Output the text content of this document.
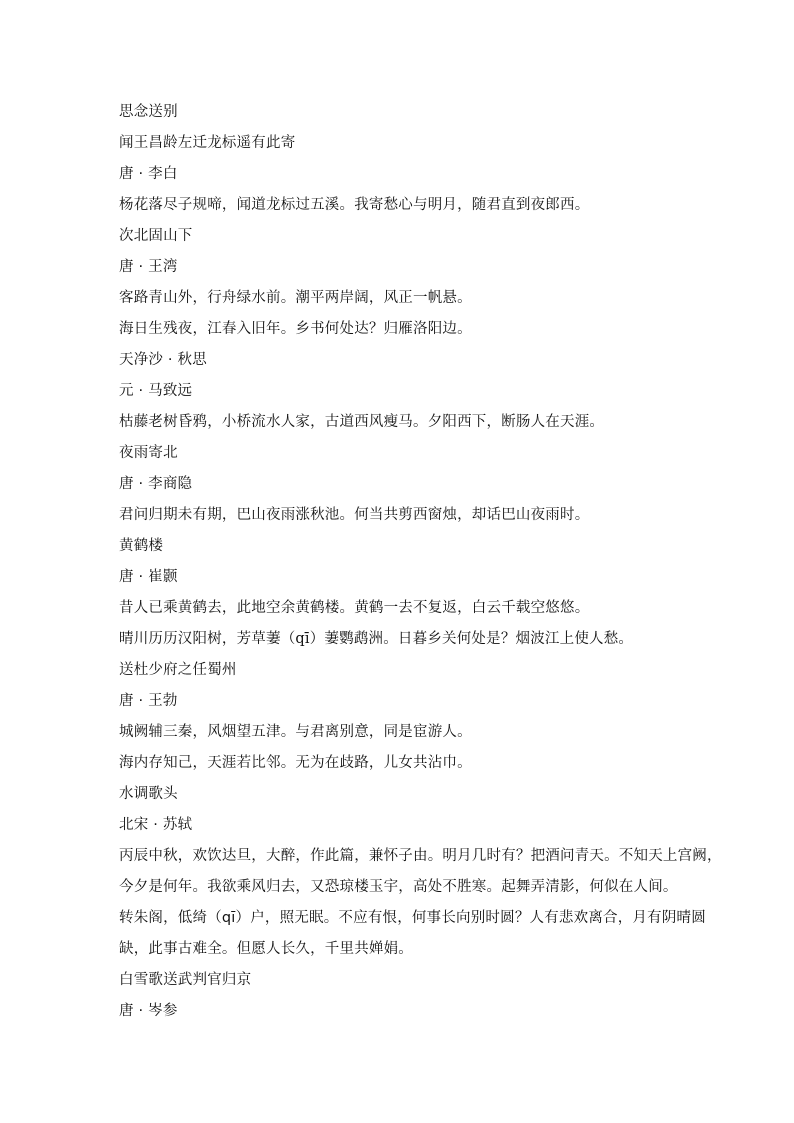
思念送别
闻王昌龄左迁龙标遥有此寄
唐 · 李白
杨花落尽子规啼，闻道龙标过五溪。我寄愁心与明月，随君直到夜郎西。
次北固山下
唐 · 王湾
客路青山外，行舟绿水前。潮平两岸阔，风正一帆悬。
海日生残夜，江春入旧年。乡书何处达？归雁洛阳边。
天净沙 · 秋思
元 · 马致远
枯藤老树昏鸦，小桥流水人家，古道西风瘦马。夕阳西下，断肠人在天涯。
夜雨寄北
唐 · 李商隐
君问归期未有期，巴山夜雨涨秋池。何当共剪西窗烛，却话巴山夜雨时。
黄鹤楼
唐 · 崔颢
昔人已乘黄鹤去，此地空余黄鹤楼。黄鹤一去不复返，白云千载空悠悠。
晴川历历汉阳树，芳草萋（qī）萋鹦鹉洲。日暮乡关何处是？烟波江上使人愁。
送杜少府之任蜀州
唐 · 王勃
城阙辅三秦，风烟望五津。与君离别意，同是宦游人。
海内存知己，天涯若比邻。无为在歧路，儿女共沾巾。
水调歌头
北宋 · 苏轼
丙辰中秋，欢饮达旦，大醉，作此篇，兼怀子由。明月几时有？把酒问青天。不知天上宫阙，
今夕是何年。我欲乘风归去，又恐琼楼玉宇，高处不胜寒。起舞弄清影，何似在人间。
转朱阁，低绮（qī）户，照无眠。不应有恨，何事长向别时圆？人有悲欢离合，月有阴晴圆
缺，此事古难全。但愿人长久，千里共婵娟。
白雪歌送武判官归京
唐 · 岑参
